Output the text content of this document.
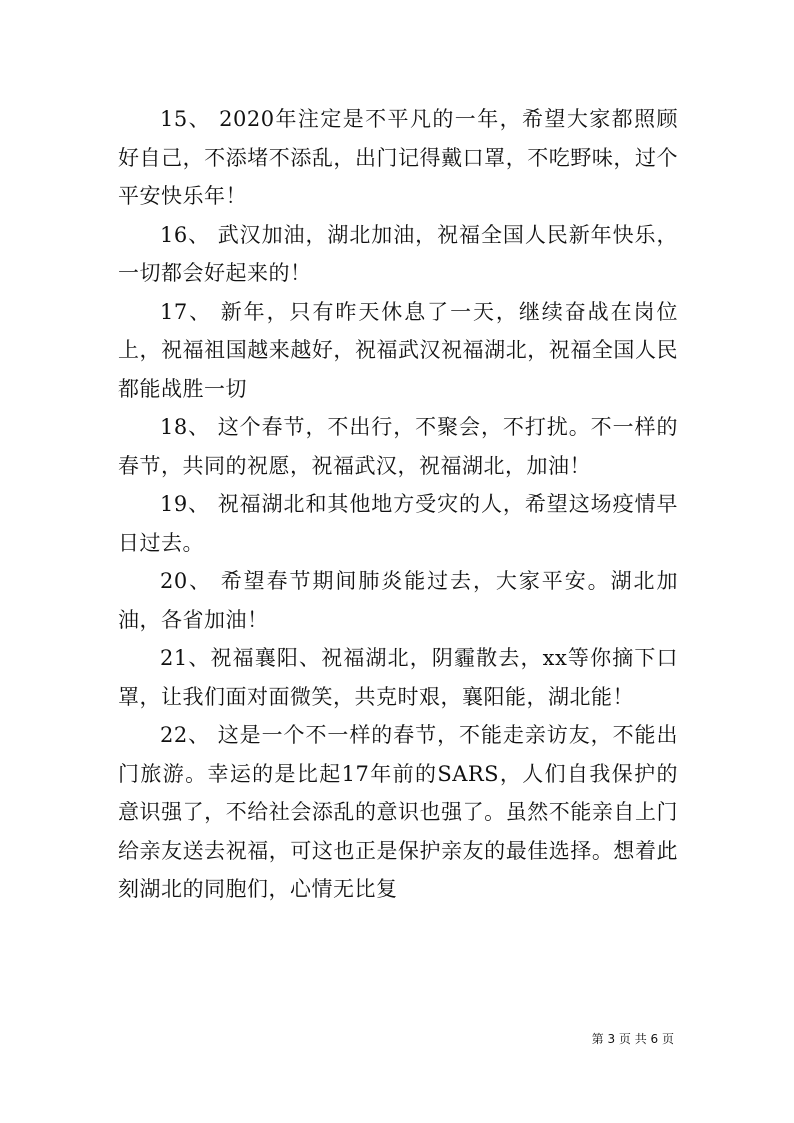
15、 2020年注定是不平凡的一年，希望大家都照顾好自己，不添堵不添乱，出门记得戴口罩，不吃野味，过个平安快乐年！

16、 武汉加油，湖北加油，祝福全国人民新年快乐，一切都会好起来的！

17、 新年，只有昨天休息了一天，继续奋战在岗位上，祝福祖国越来越好，祝福武汉祝福湖北，祝福全国人民都能战胜一切

18、 这个春节，不出行，不聚会，不打扰。不一样的春节，共同的祝愿，祝福武汉，祝福湖北，加油！

19、 祝福湖北和其他地方受灾的人，希望这场疫情早日过去。

20、 希望春节期间肺炎能过去，大家平安。湖北加油，各省加油！

21、祝福襄阳、祝福湖北，阴霾散去，xx等你摘下口罩，让我们面对面微笑，共克时艰，襄阳能，湖北能！

22、 这是一个不一样的春节，不能走亲访友，不能出门旅游。幸运的是比起17年前的SARS，人们自我保护的意识强了，不给社会添乱的意识也强了。虽然不能亲自上门给亲友送去祝福，可这也正是保护亲友的最佳选择。想着此刻湖北的同胞们，心情无比复

第 3 页 共 6 页
